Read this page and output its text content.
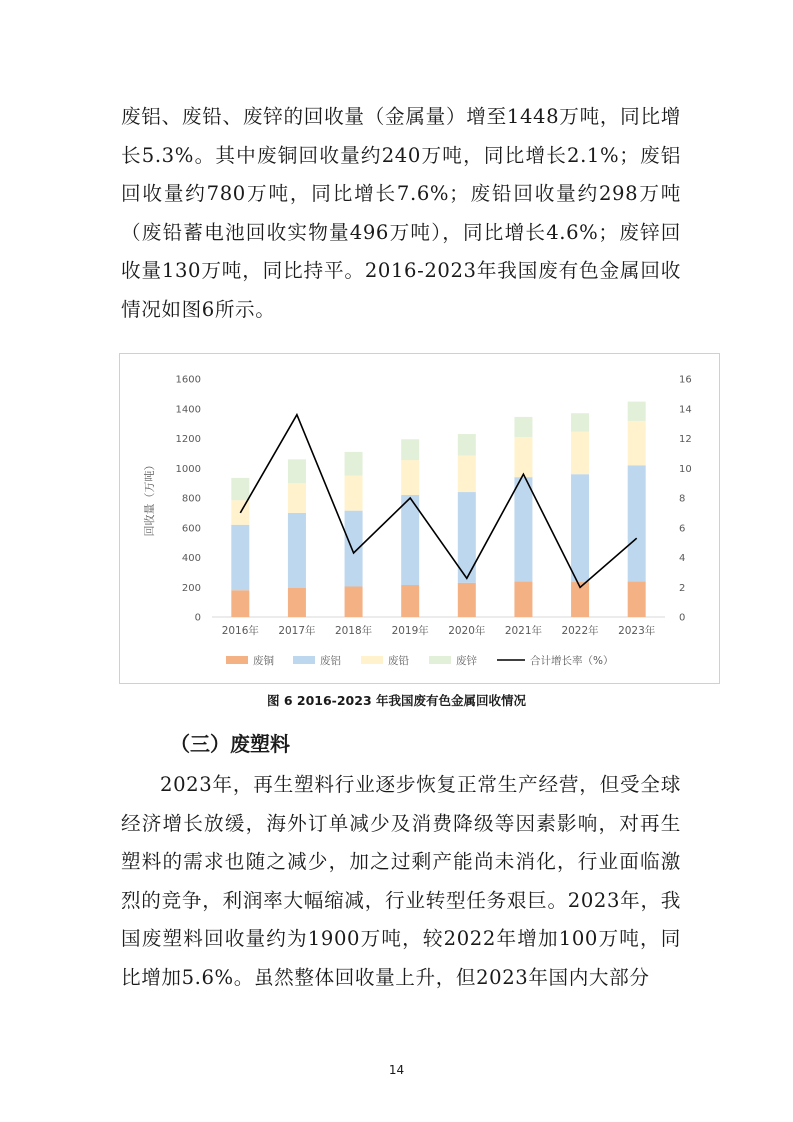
废铝、废铅、废锌的回收量（金属量）增至1448万吨，同比增长5.3%。其中废铜回收量约240万吨，同比增长2.1%；废铝回收量约780万吨，同比增长7.6%；废铅回收量约298万吨（废铅蓄电池回收实物量496万吨），同比增长4.6%；废锌回收量130万吨，同比持平。2016-2023年我国废有色金属回收情况如图6所示。

0
200
400
600
800
1000
1200
1400
1600
0
2
4
6
8
10
12
14
16
回收量（万吨）
2016年 2017年 2018年 2019年 2020年 2021年 2022年 2023年
废铜	废铝	废铅	废锌	合计增长率（%）
图 6 2016-2023 年我国废有色金属回收情况
（三）废塑料

2023年，再生塑料行业逐步恢复正常生产经营，但受全球经济增长放缓，海外订单减少及消费降级等因素影响，对再生塑料的需求也随之减少，加之过剩产能尚未消化，行业面临激烈的竞争，利润率大幅缩减，行业转型任务艰巨。2023年，我国废塑料回收量约为1900万吨，较2022年增加100万吨，同比增加5.6%。虽然整体回收量上升，但2023年国内大部分

14
